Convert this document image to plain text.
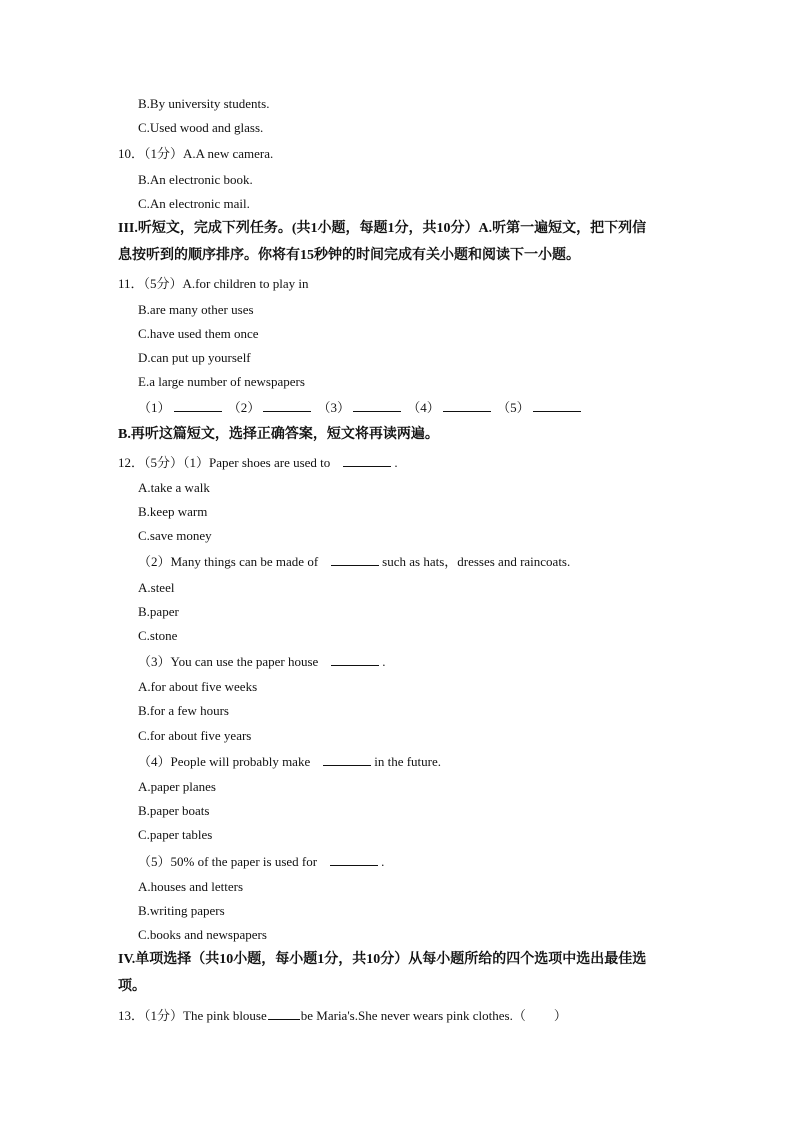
B.By university students.
C.Used wood and glass.
10．（1分）A.A new camera.
B.An electronic book.
C.An electronic mail.
III.听短文，完成下列任务。(共1小题，每题1分，共10分）A.听第一遍短文，把下列信
息按听到的顺序排序。你将有15秒钟的时间完成有关小题和阅读下一小题。
11．（5分）A.for children to play in
B.are many other uses
C.have used them once
D.can put up yourself
E.a large number of newspapers
（1）	（2）	（3）	（4）	（5）
B.再听这篇短文，选择正确答案，短文将再读两遍。
12．（5分）（1）Paper shoes are used to	.
A.take a walk
B.keep warm
C.save money
（2）Many things can be made of	such as hats，dresses and raincoats.
A.steel
B.paper
C.stone
（3）You can use the paper house	.
A.for about five weeks
B.for a few hours
C.for about five years
（4）People will probably make	in the future.
A.paper planes
B.paper boats
C.paper tables
（5）50% of the paper is used for	.
A.houses and letters
B.writing papers
C.books and newspapers
IV.单项选择（共10小题，每小题1分，共10分）从每小题所给的四个选项中选出最佳选
项。
13．（1分）The pink blouse	be Maria's.She never wears pink clothes.（ ）
